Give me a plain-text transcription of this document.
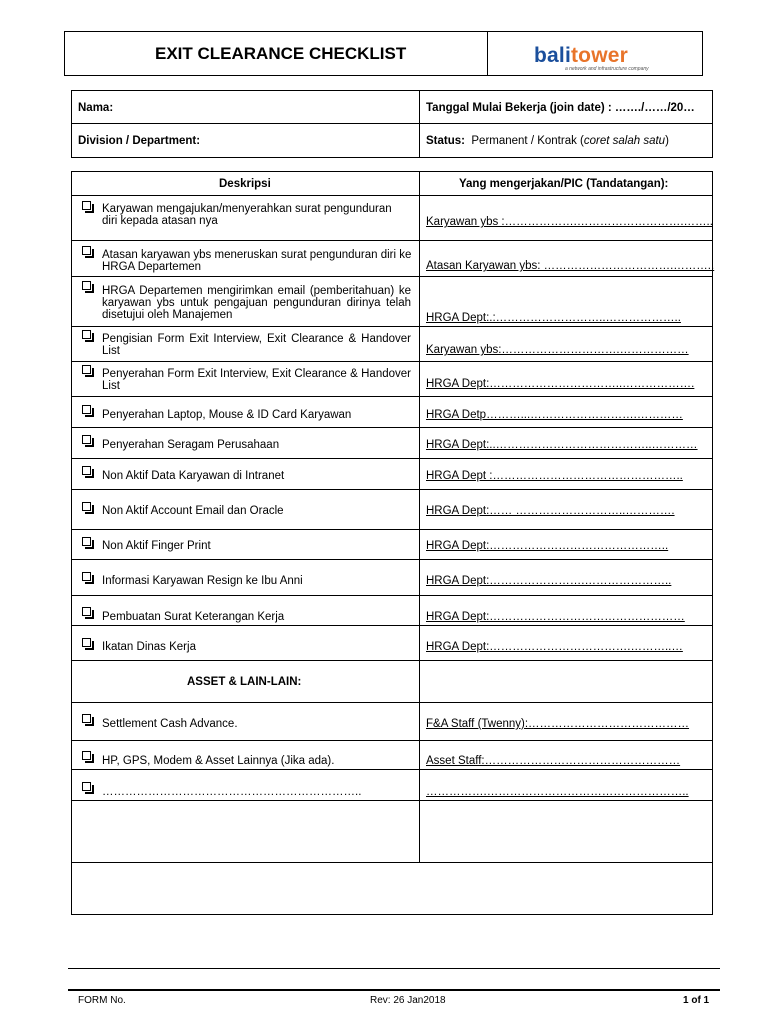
EXIT CLEARANCE CHECKLIST	balitower
a network and infrastructure company
Nama:	Tanggal Mulai Bekerja (join date) : ……./……/20…
Division / Department:	Status: Permanent / Kontrak (coret salah satu)
Deskripsi	Yang mengerjakan/PIC (Tandatangan):
Karyawan mengajukan/menyerahkan surat pengunduran diri kepada atasan nya	Karyawan ybs :……………….……………………….……..
Atasan karyawan ybs meneruskan surat pengunduran diri ke HRGA Departemen	Atasan Karyawan ybs: …………………………….………..
HRGA Departemen mengirimkan email (pemberitahuan) ke karyawan ybs untuk pengajuan pengunduran dirinya telah disetujui oleh Manajemen	HRGA Dept:.:………………………..………………..
Pengisian Form Exit Interview, Exit Clearance & Handover List	Karyawan ybs:………………………….………………
Penyerahan Form Exit Interview, Exit Clearance & Handover List	HRGA Dept:……………………………..……………….
Penyerahan Laptop, Mouse & ID Card Karyawan	HRGA Detp………...……………………….…………
Penyerahan Seragam Perusahaan	HRGA Dept:..…………………………………..…………
Non Aktif Data Karyawan di Intranet	HRGA Dept :…………………………………………..
Non Aktif Account Email dan Oracle	HRGA Dept:…… ………………………..………….
Non Aktif Finger Print	HRGA Dept:………………………………………..
Informasi Karyawan Resign ke Ibu Anni	HRGA Dept:…………………….…………………..
Pembuatan Surat Keterangan Kerja	HRGA Dept:……………………………………………
Ikatan Dinas Kerja	HRGA Dept:……………………………….………..…
ASSET & LAIN-LAIN:
Settlement Cash Advance.	F&A Staff (Twenny):……………………………………
HP, GPS, Modem & Asset Lainnya (Jika ada).	Asset Staff:……………………………………………
…………………………………………………………..	…………….……………………………………………..
FORM No.	Rev: 26 Jan2018	1 of 1
